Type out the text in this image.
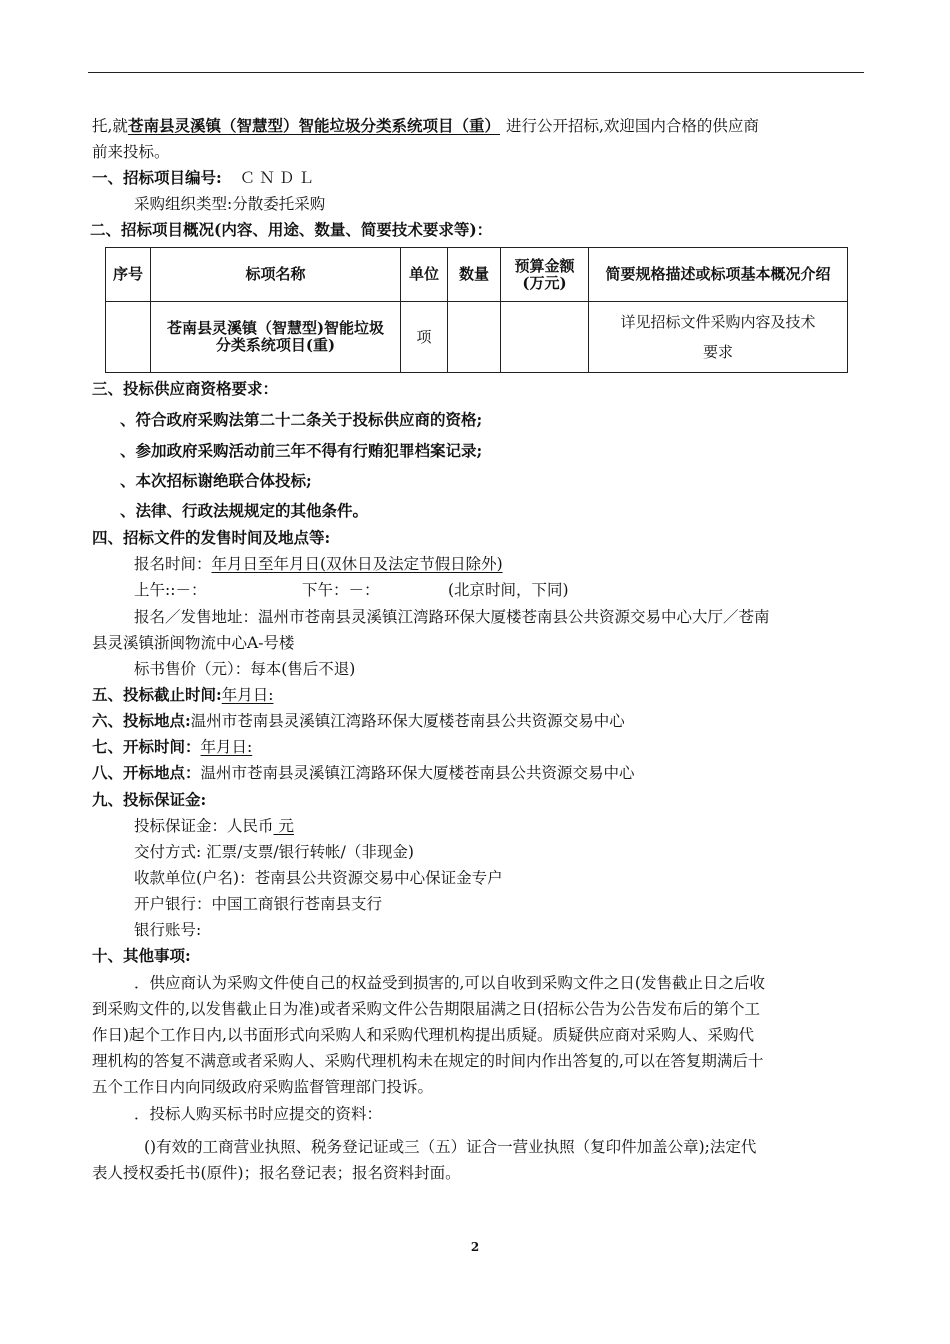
托,就苍南县灵溪镇（智慧型）智能垃圾分类系统项目（重） 进行公开招标,欢迎国内合格的供应商
前来投标。
一、招标项目编号: ＣＮＤＬ
采购组织类型:分散委托采购
二、招标项目概况(内容、用途、数量、简要技术要求等)：
序号	标项名称	单位	数量	预算金额(万元)	简要规格描述或标项基本概况介绍
	苍南县灵溪镇（智慧型)智能垃圾分类系统项目(重)	项			详见招标文件采购内容及技术
要求
三、投标供应商资格要求：
、符合政府采购法第二十二条关于投标供应商的资格;
、参加政府采购活动前三年不得有行贿犯罪档案记录;
、本次招标谢绝联合体投标;
、法律、行政法规规定的其他条件。
四、招标文件的发售时间及地点等:
报名时间：年月日至年月日(双休日及法定节假日除外)
上午::－：	下午：－：	(北京时间，下同)
报名／发售地址：温州市苍南县灵溪镇江湾路环保大厦楼苍南县公共资源交易中心大厅／苍南
县灵溪镇浙闽物流中心A-号楼
标书售价（元）：每本(售后不退)
五、投标截止时间:年月日:
六、投标地点:温州市苍南县灵溪镇江湾路环保大厦楼苍南县公共资源交易中心
七、开标时间：年月日:
八、开标地点：温州市苍南县灵溪镇江湾路环保大厦楼苍南县公共资源交易中心
九、投标保证金:
投标保证金：人民币 元
交付方式: 汇票/支票/银行转帐/（非现金)
收款单位(户名)：苍南县公共资源交易中心保证金专户
开户银行：中国工商银行苍南县支行
银行账号:
十、其他事项:
．供应商认为采购文件使自己的权益受到损害的,可以自收到采购文件之日(发售截止日之后收
到采购文件的,以发售截止日为准)或者采购文件公告期限届满之日(招标公告为公告发布后的第个工
作日)起个工作日内,以书面形式向采购人和采购代理机构提出质疑。质疑供应商对采购人、采购代
理机构的答复不满意或者采购人、采购代理机构未在规定的时间内作出答复的,可以在答复期满后十
五个工作日内向同级政府采购监督管理部门投诉。
．投标人购买标书时应提交的资料：
()有效的工商营业执照、税务登记证或三（五）证合一营业执照（复印件加盖公章);法定代
表人授权委托书(原件)；报名登记表；报名资料封面。
2
